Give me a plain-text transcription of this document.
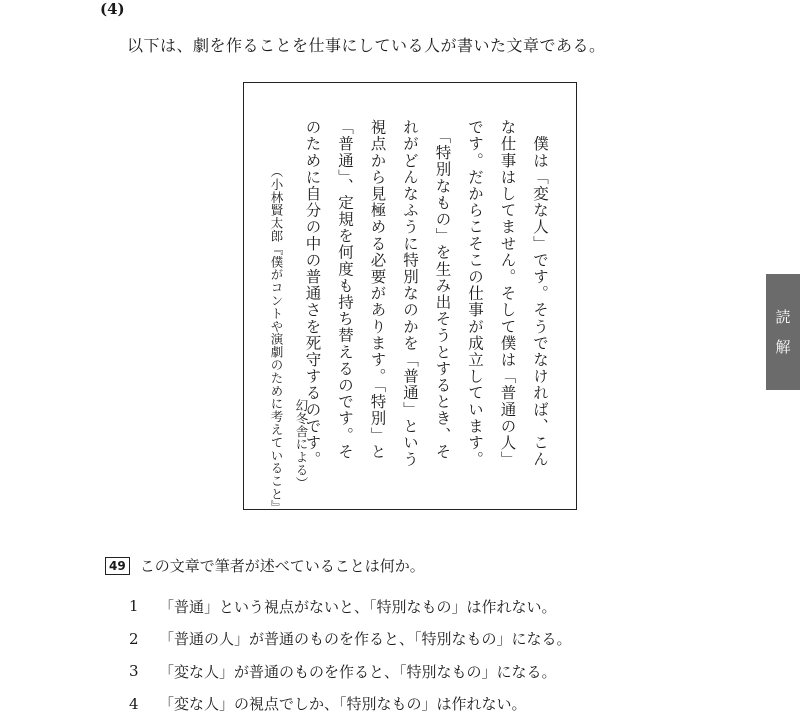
(4)
以下は、劇を作ることを仕事にしている人が書いた文章である。

　僕は「変な人」です。そうでなければ、こん
な仕事はしてません。そして僕は「普通の人」
です。だからこそこの仕事が成立しています。

　「特別なもの」を生み出そうとするとき、そ
れがどんなふうに特別なのかを「普通」という
視点から見極める必要があります。「特別」と
「普通」、定規を何度も持ち替えるのです。そ
のために自分の中の普通さを死守するのです。

（小林賢太郎『僕がコントや演劇のために考えていること』 幻冬舎による）
読
解
49 この文章で筆者が述べていることは何か。
1	「普通」という視点がないと、「特別なもの」は作れない。
2	「普通の人」が普通のものを作ると、「特別なもの」になる。
3	「変な人」が普通のものを作ると、「特別なもの」になる。
4	「変な人」の視点でしか、「特別なもの」は作れない。
